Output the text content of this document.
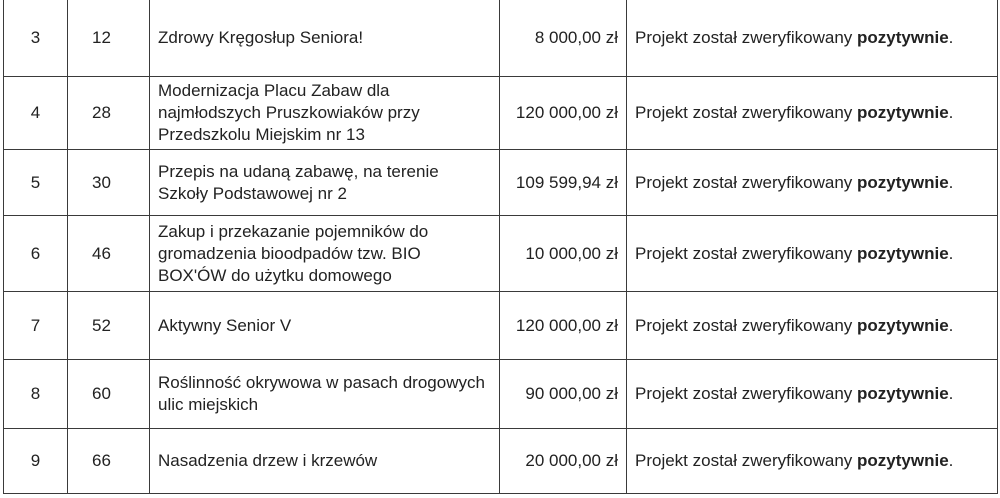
3	12	Zdrowy Kręgosłup Seniora!	8 000,00 zł	Projekt został zweryfikowany pozytywnie.
4	28	Modernizacja Placu Zabaw dla najmłodszych Pruszkowiaków przy Przedszkolu Miejskim nr 13	120 000,00 zł	Projekt został zweryfikowany pozytywnie.
5	30	Przepis na udaną zabawę, na terenie Szkoły Podstawowej nr 2	109 599,94 zł	Projekt został zweryfikowany pozytywnie.
6	46	Zakup i przekazanie pojemników do gromadzenia bioodpadów tzw. BIO BOX'ÓW do użytku domowego	10 000,00 zł	Projekt został zweryfikowany pozytywnie.
7	52	Aktywny Senior V	120 000,00 zł	Projekt został zweryfikowany pozytywnie.
8	60	Roślinność okrywowa w pasach drogowych ulic miejskich	90 000,00 zł	Projekt został zweryfikowany pozytywnie.
9	66	Nasadzenia drzew i krzewów	20 000,00 zł	Projekt został zweryfikowany pozytywnie.
